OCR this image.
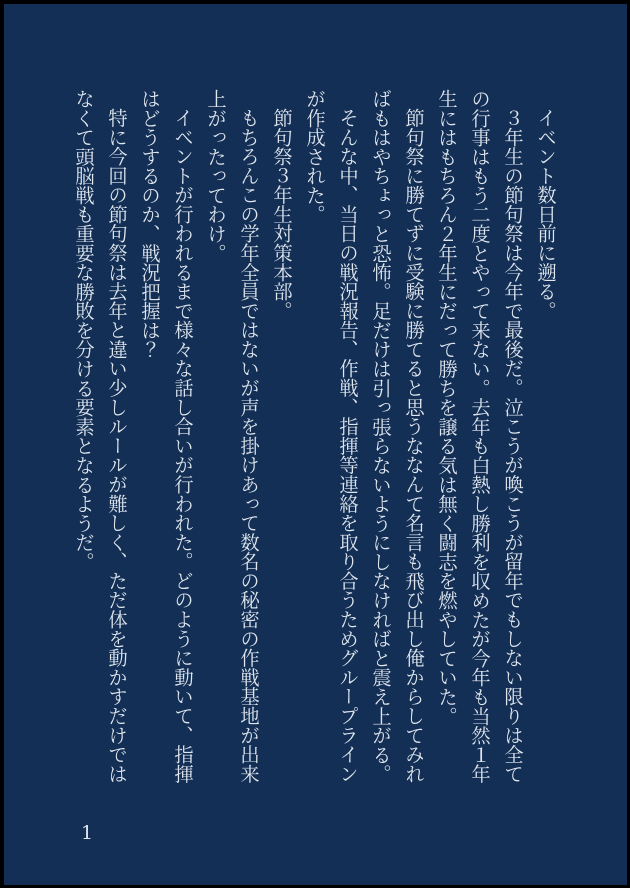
イベント数日前に遡る。

３年生の節句祭は今年で最後だ。泣こうが喚こうが留年でもしない限りは全ての行事はもう二度とやって来ない。去年も白熱し勝利を収めたが今年も当然１年生にはもちろん２年生にだって勝ちを譲る気は無く闘志を燃やしていた。

節句祭に勝てずに受験に勝てると思うななんて名言も飛び出し俺からしてみればもはやちょっと恐怖。足だけは引っ張らないようにしなければと震え上がる。

そんな中、当日の戦況報告、作戦、指揮等連絡を取り合うためグループラインが作成された。

節句祭３年生対策本部。

もちろんこの学年全員ではないが声を掛けあって数名の秘密の作戦基地が出来上がったってわけ。

イベントが行われるまで様々な話し合いが行われた。どのように動いて、指揮はどうするのか、戦況把握は？

特に今回の節句祭は去年と違い少しルールが難しく、ただ体を動かすだけではなくて頭脳戦も重要な勝敗を分ける要素となるようだ。

1
